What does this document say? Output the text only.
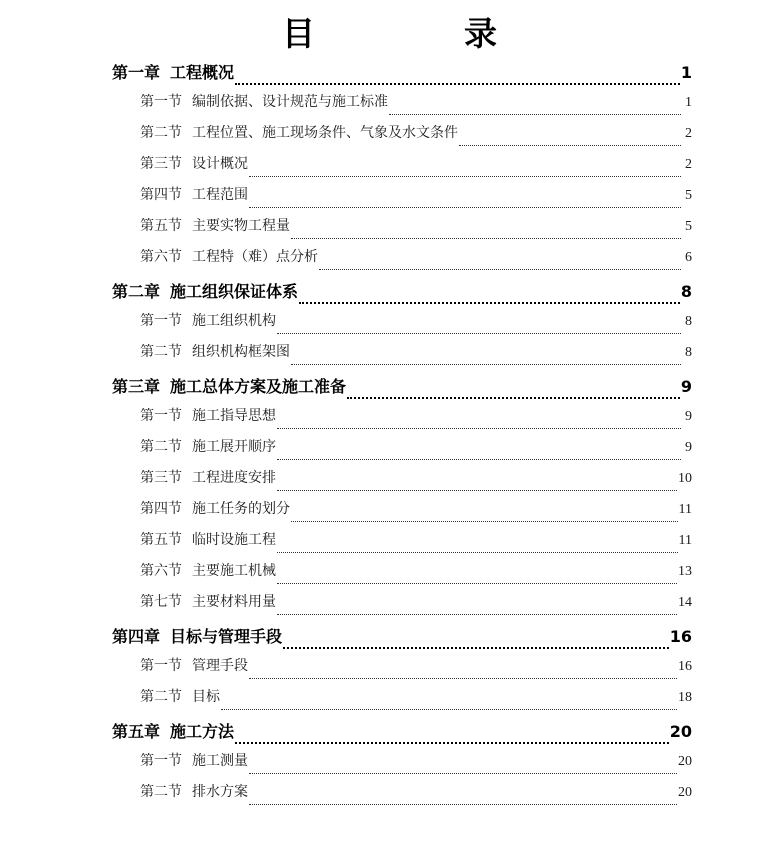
目　录
第一章 工程概况	1
第一节 编制依据、设计规范与施工标准	1
第二节 工程位置、施工现场条件、气象及水文条件	2
第三节 设计概况	2
第四节 工程范围	5
第五节 主要实物工程量	5
第六节 工程特（难）点分析	6
第二章 施工组织保证体系	8
第一节 施工组织机构	8
第二节 组织机构框架图	8
第三章 施工总体方案及施工准备	9
第一节 施工指导思想	9
第二节 施工展开顺序	9
第三节 工程进度安排	10
第四节 施工任务的划分	11
第五节 临时设施工程	11
第六节 主要施工机械	13
第七节 主要材料用量	14
第四章 目标与管理手段	16
第一节 管理手段	16
第二节 目标	18
第五章 施工方法	20
第一节 施工测量	20
第二节 排水方案	20
